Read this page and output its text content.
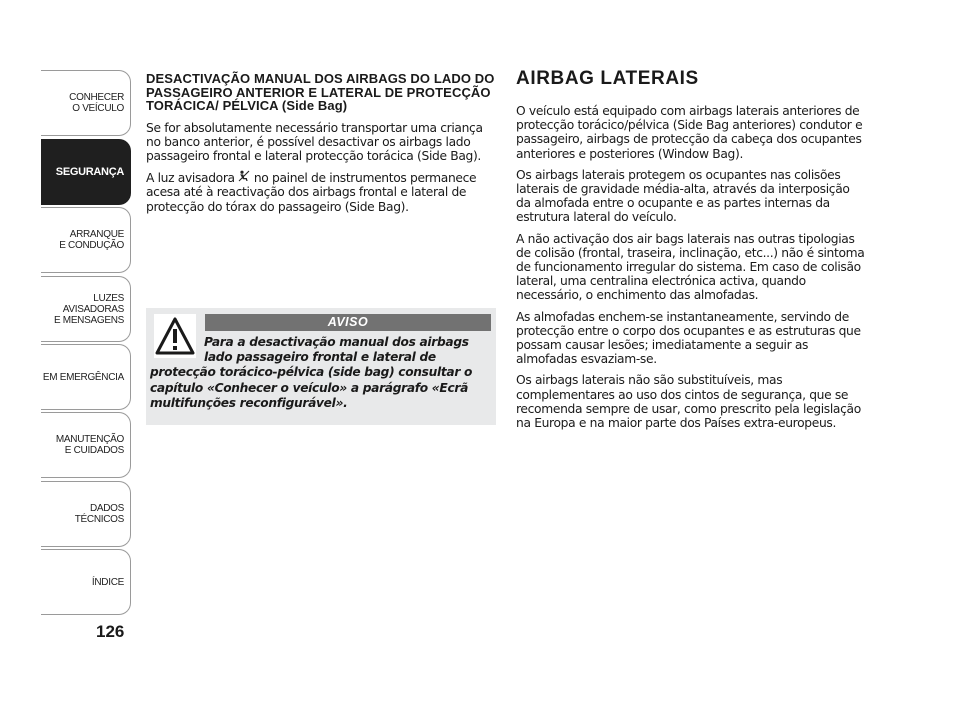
CONHECER
O VEÍCULO
SEGURANÇA
ARRANQUE
E CONDUÇÃO
LUZES
AVISADORAS
E MENSAGENS
EM EMERGÊNCIA
MANUTENÇÃO
E CUIDADOS
DADOS
TÉCNICOS
ÍNDICE
126
DESACTIVAÇÃO MANUAL DOS AIRBAGS DO LADO DO PASSAGEIRO ANTERIOR E LATERAL DE PROTECÇÃO TORÁCICA/ PÉLVICA (Side Bag)

Se for absolutamente necessário transportar uma criança no banco anterior, é possível desactivar os airbags lado passageiro frontal e lateral protecção torácica (Side Bag).

A luz avisadora  no painel de instrumentos permanece acesa até à reactivação dos airbags frontal e lateral de protecção do tórax do passageiro (Side Bag).

AVISO
Para a desactivação manual dos airbags lado passageiro frontal e lateral de
protecção torácico-pélvica (side bag) consultar o capítulo «Conhecer o veículo» a parágrafo «Ecrã multifunções reconfigurável».
AIRBAG LATERAIS

O veículo está equipado com airbags laterais anteriores de protecção torácico/pélvica (Side Bag anteriores) condutor e passageiro, airbags de protecção da cabeça dos ocupantes anteriores e posteriores (Window Bag).

Os airbags laterais protegem os ocupantes nas colisões laterais de gravidade média-alta, através da interposição da almofada entre o ocupante e as partes internas da estrutura lateral do veículo.

A não activação dos air bags laterais nas outras tipologias de colisão (frontal, traseira, inclinação, etc...) não é sintoma de funcionamento irregular do sistema. Em caso de colisão lateral, uma centralina electrónica activa, quando necessário, o enchimento das almofadas.

As almofadas enchem-se instantaneamente, servindo de protecção entre o corpo dos ocupantes e as estruturas que possam causar lesões; imediatamente a seguir as almofadas esvaziam-se.

Os airbags laterais não são substituíveis, mas complementares ao uso dos cintos de segurança, que se recomenda sempre de usar, como prescrito pela legislação na Europa e na maior parte dos Países extra-europeus.
